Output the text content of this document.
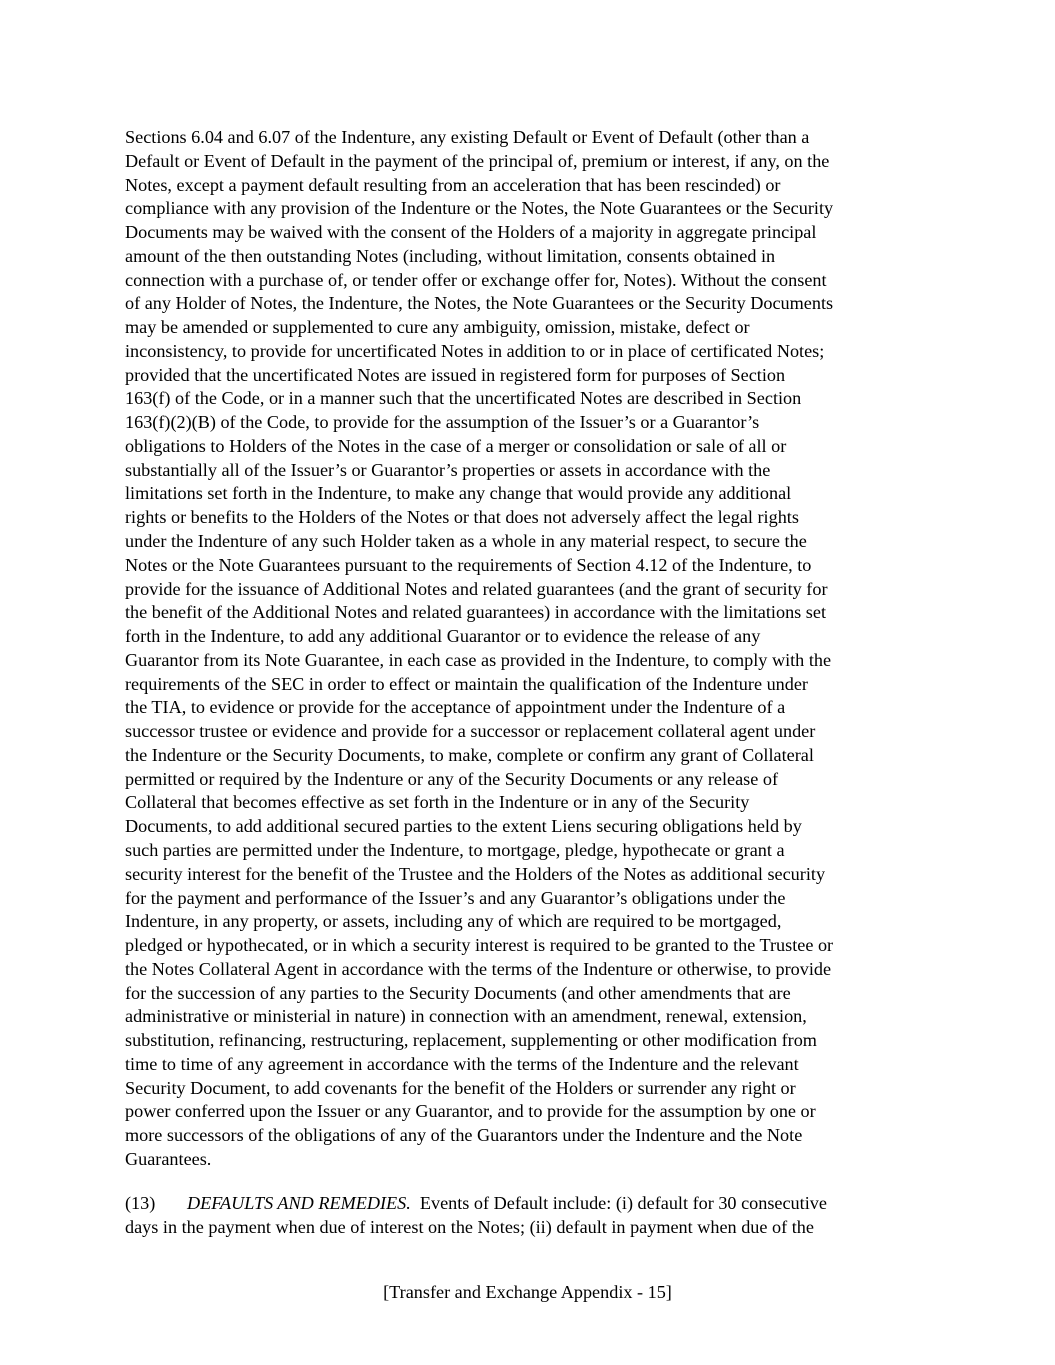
Sections 6.04 and 6.07 of the Indenture, any existing Default or Event of Default (other than a
Default or Event of Default in the payment of the principal of, premium or interest, if any, on the
Notes, except a payment default resulting from an acceleration that has been rescinded) or
compliance with any provision of the Indenture or the Notes, the Note Guarantees or the Security
Documents may be waived with the consent of the Holders of a majority in aggregate principal
amount of the then outstanding Notes (including, without limitation, consents obtained in
connection with a purchase of, or tender offer or exchange offer for, Notes). Without the consent
of any Holder of Notes, the Indenture, the Notes, the Note Guarantees or the Security Documents
may be amended or supplemented to cure any ambiguity, omission, mistake, defect or
inconsistency, to provide for uncertificated Notes in addition to or in place of certificated Notes;
provided that the uncertificated Notes are issued in registered form for purposes of Section
163(f) of the Code, or in a manner such that the uncertificated Notes are described in Section
163(f)(2)(B) of the Code, to provide for the assumption of the Issuer’s or a Guarantor’s
obligations to Holders of the Notes in the case of a merger or consolidation or sale of all or
substantially all of the Issuer’s or Guarantor’s properties or assets in accordance with the
limitations set forth in the Indenture, to make any change that would provide any additional
rights or benefits to the Holders of the Notes or that does not adversely affect the legal rights
under the Indenture of any such Holder taken as a whole in any material respect, to secure the
Notes or the Note Guarantees pursuant to the requirements of Section 4.12 of the Indenture, to
provide for the issuance of Additional Notes and related guarantees (and the grant of security for
the benefit of the Additional Notes and related guarantees) in accordance with the limitations set
forth in the Indenture, to add any additional Guarantor or to evidence the release of any
Guarantor from its Note Guarantee, in each case as provided in the Indenture, to comply with the
requirements of the SEC in order to effect or maintain the qualification of the Indenture under
the TIA, to evidence or provide for the acceptance of appointment under the Indenture of a
successor trustee or evidence and provide for a successor or replacement collateral agent under
the Indenture or the Security Documents, to make, complete or confirm any grant of Collateral
permitted or required by the Indenture or any of the Security Documents or any release of
Collateral that becomes effective as set forth in the Indenture or in any of the Security
Documents, to add additional secured parties to the extent Liens securing obligations held by
such parties are permitted under the Indenture, to mortgage, pledge, hypothecate or grant a
security interest for the benefit of the Trustee and the Holders of the Notes as additional security
for the payment and performance of the Issuer’s and any Guarantor’s obligations under the
Indenture, in any property, or assets, including any of which are required to be mortgaged,
pledged or hypothecated, or in which a security interest is required to be granted to the Trustee or
the Notes Collateral Agent in accordance with the terms of the Indenture or otherwise, to provide
for the succession of any parties to the Security Documents (and other amendments that are
administrative or ministerial in nature) in connection with an amendment, renewal, extension,
substitution, refinancing, restructuring, replacement, supplementing or other modification from
time to time of any agreement in accordance with the terms of the Indenture and the relevant
Security Document, to add covenants for the benefit of the Holders or surrender any right or
power conferred upon the Issuer or any Guarantor, and to provide for the assumption by one or
more successors of the obligations of any of the Guarantors under the Indenture and the Note
Guarantees.

(13) DEFAULTS AND REMEDIES.  Events of Default include: (i) default for 30 consecutive
days in the payment when due of interest on the Notes; (ii) default in payment when due of the

[Transfer and Exchange Appendix - 15]
